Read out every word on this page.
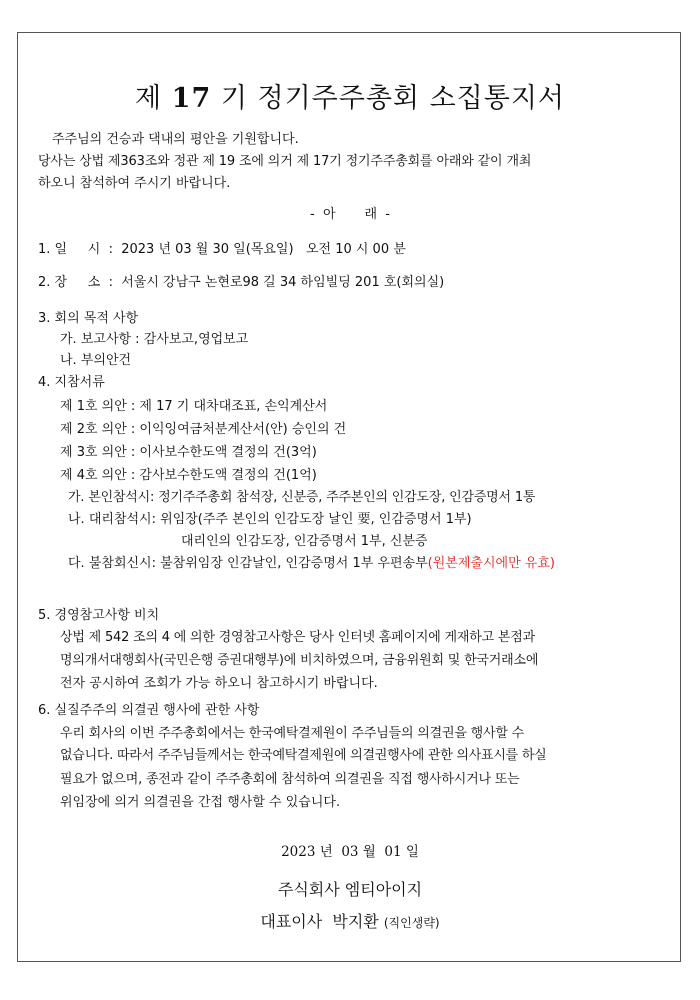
제 17 기 정기주주총회 소집통지서
주주님의 건승과 댁내의 평안을 기원합니다.
당사는 상법 제363조와 정관 제 19 조에 의거 제 17기 정기주주총회를 아래와 같이 개최
하오니 참석하여 주시기 바랍니다.
-  아       래  -
1. 일     시  :  2023 년 03 월 30 일(목요일)   오전 10 시 00 분
2. 장     소  :  서울시 강남구 논현로98 길 34 하임빌딩 201 호(회의실)
3. 회의 목적 사항
가. 보고사항 : 감사보고,영업보고
나. 부의안건
4. 지참서류
제 1호 의안 : 제 17 기 대차대조표, 손익계산서
제 2호 의안 : 이익잉여금처분계산서(안) 승인의 건
제 3호 의안 : 이사보수한도액 결정의 건(3억)
제 4호 의안 : 감사보수한도액 결정의 건(1억)
가. 본인참석시: 정기주주총회 참석장, 신분증, 주주본인의 인감도장, 인감증명서 1통
나. 대리참석시: 위임장(주주 본인의 인감도장 날인 要, 인감증명서 1부)
대리인의 인감도장, 인감증명서 1부, 신분증
다. 불참회신시: 불참위임장 인감날인, 인감증명서 1부 우편송부(원본제출시에만 유효)
5. 경영참고사항 비치
상법 제 542 조의 4 에 의한 경영참고사항은 당사 인터넷 홈페이지에 게재하고 본점과
명의개서대행회사(국민은행 증권대행부)에 비치하였으며, 금융위원회 및 한국거래소에
전자 공시하여 조회가 가능 하오니 참고하시기 바랍니다.
6. 실질주주의 의결권 행사에 관한 사항
우리 회사의 이번 주주총회에서는 한국예탁결제원이 주주님들의 의결권을 행사할 수
없습니다. 따라서 주주님들께서는 한국예탁결제원에 의결권행사에 관한 의사표시를 하실
필요가 없으며, 종전과 같이 주주총회에 참석하여 의결권을 직접 행사하시거나 또는
위임장에 의거 의결권을 간접 행사할 수 있습니다.
2023 년  03 월  01 일
주식회사 엠티아이지
대표이사  박지환 (직인생략)
